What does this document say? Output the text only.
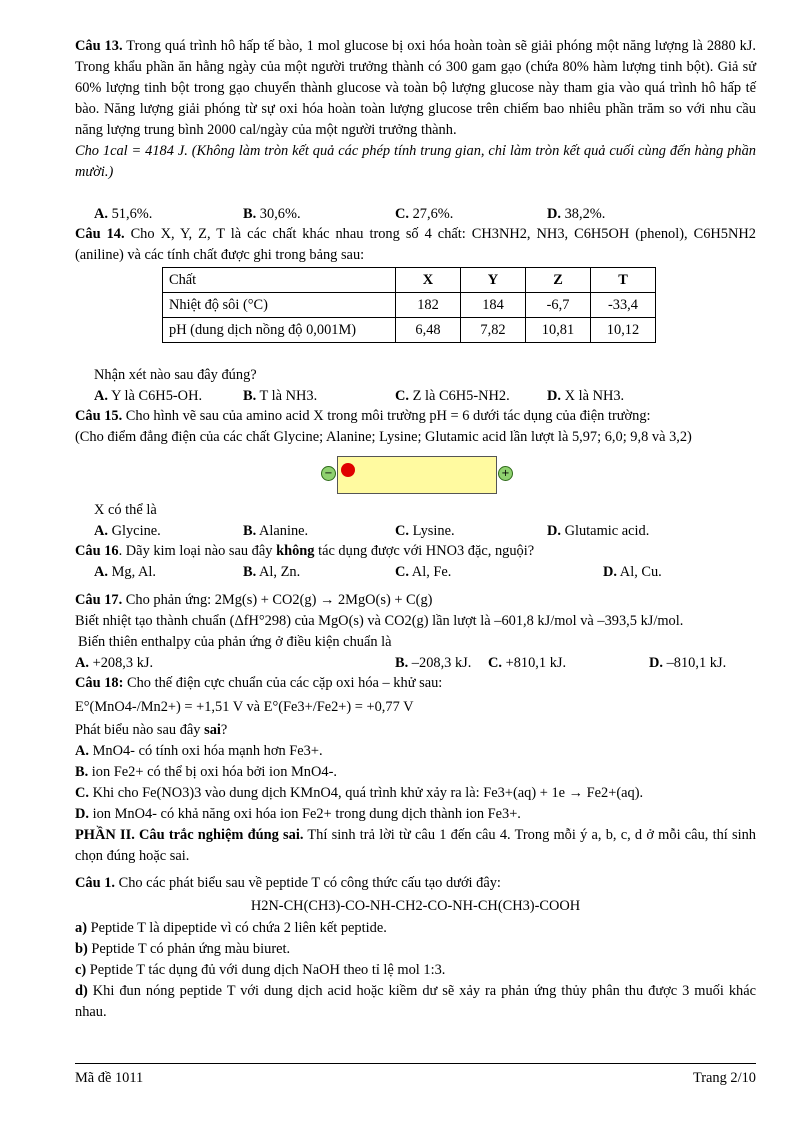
Câu 13. Trong quá trình hô hấp tế bào, 1 mol glucose bị oxi hóa hoàn toàn sẽ giải phóng một năng lượng là 2880 kJ. Trong khẩu phần ăn hằng ngày của một người trưởng thành có 300 gam gạo (chứa 80% hàm lượng tinh bột). Giả sử 60% lượng tinh bột trong gạo chuyển thành glucose và toàn bộ lượng glucose này tham gia vào quá trình hô hấp tế bào. Năng lượng giải phóng từ sự oxi hóa hoàn toàn lượng glucose trên chiếm bao nhiêu phần trăm so với nhu cầu năng lượng trung bình 2000 cal/ngày của một người trưởng thành.

Cho 1cal = 4184 J. (Không làm tròn kết quả các phép tính trung gian, chỉ làm tròn kết quả cuối cùng đến hàng phần mười.)

A. 51,6%.	B. 30,6%.	C. 27,6%.	D. 38,2%.

Câu 14. Cho X, Y, Z, T là các chất khác nhau trong số 4 chất: CH3NH2, NH3, C6H5OH (phenol), C6H5NH2 (aniline) và các tính chất được ghi trong bảng sau:

Chất	X	Y	Z	T
Nhiệt độ sôi (°C)	182	184	-6,7	-33,4
pH (dung dịch nồng độ 0,001M)	6,48	7,82	10,81	10,12

Nhận xét nào sau đây đúng?

A. Y là C6H5-OH.	B. T là NH3.	C. Z là C6H5-NH2.	D. X là NH3.

Câu 15. Cho hình vẽ sau của amino acid X trong môi trường pH = 6 dưới tác dụng của điện trường:

(Cho điểm đẳng điện của các chất Glycine; Alanine; Lysine; Glutamic acid lần lượt là 5,97; 6,0; 9,8 và 3,2)

−	+

X có thể là

A. Glycine.	B. Alanine.	C. Lysine.	D. Glutamic acid.

Câu 16. Dãy kim loại nào sau đây không tác dụng được với HNO3 đặc, nguội?

A. Mg, Al.	B. Al, Zn.	C. Al, Fe.	D. Al, Cu.

Câu 17. Cho phản ứng: 2Mg(s) + CO2(g) → 2MgO(s) + C(g)

Biết nhiệt tạo thành chuẩn (ΔfH°298) của MgO(s) và CO2(g) lần lượt là –601,8 kJ/mol và –393,5 kJ/mol.

Biến thiên enthalpy của phản ứng ở điều kiện chuẩn là

A. +208,3 kJ.	B. –208,3 kJ.	C. +810,1 kJ.	D. –810,1 kJ.

Câu 18: Cho thế điện cực chuẩn của các cặp oxi hóa – khử sau:

E°(MnO4-/Mn2+) = +1,51 V và E°(Fe3+/Fe2+) = +0,77 V

Phát biểu nào sau đây sai?

A. MnO4- có tính oxi hóa mạnh hơn Fe3+.

B. ion Fe2+ có thể bị oxi hóa bởi ion MnO4-.

C. Khi cho Fe(NO3)3 vào dung dịch KMnO4, quá trình khử xảy ra là: Fe3+(aq) + 1e → Fe2+(aq).

D. ion MnO4- có khả năng oxi hóa ion Fe2+ trong dung dịch thành ion Fe3+.

PHẦN II. Câu trắc nghiệm đúng sai. Thí sinh trả lời từ câu 1 đến câu 4. Trong mỗi ý a, b, c, d ở mỗi câu, thí sinh chọn đúng hoặc sai.

Câu 1. Cho các phát biểu sau về peptide T có công thức cấu tạo dưới đây:

H2N-CH(CH3)-CO-NH-CH2-CO-NH-CH(CH3)-COOH

a) Peptide T là dipeptide vì có chứa 2 liên kết peptide.

b) Peptide T có phản ứng màu biuret.

c) Peptide T tác dụng đủ với dung dịch NaOH theo tỉ lệ mol 1:3.

d) Khi đun nóng peptide T với dung dịch acid hoặc kiềm dư sẽ xảy ra phản ứng thủy phân thu được 3 muối khác nhau.

Mã đề 1011	Trang 2/10
